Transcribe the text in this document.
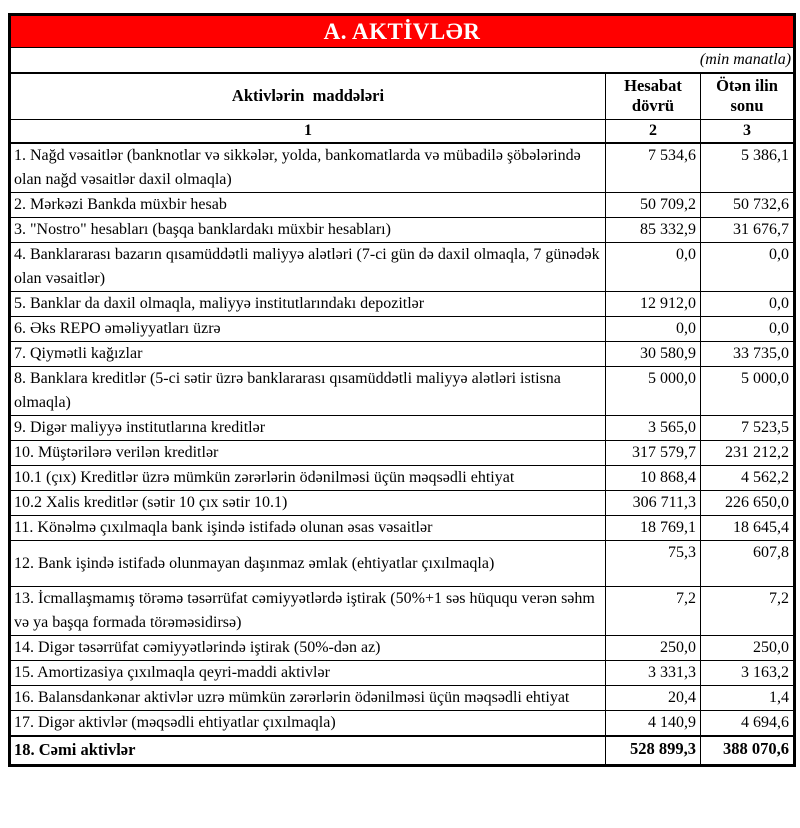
A. AKTİVLƏR		
(min manatla)		
Aktivlərin  maddələri	Hesabat dövrü	Ötən ilin sonu
1	2	3
1. Nağd vəsaitlər (banknotlar və sikkələr, yolda, bankomatlarda və mübadilə şöbələrində olan nağd vəsaitlər daxil olmaqla)	7 534,6	5 386,1
2. Mərkəzi Bankda müxbir hesab	50 709,2	50 732,6
3. "Nostro" hesabları (başqa banklardakı müxbir hesabları)	85 332,9	31 676,7
4. Banklararası bazarın qısamüddətli maliyyə alətləri (7-ci gün də daxil olmaqla, 7 günədək olan vəsaitlər)	0,0	0,0
5. Banklar da daxil olmaqla, maliyyə institutlarındakı depozitlər	12 912,0	0,0
6. Əks REPO əməliyyatları üzrə	0,0	0,0
7. Qiymətli kağızlar	30 580,9	33 735,0
8. Banklara kreditlər (5-ci sətir üzrə banklararası qısamüddətli maliyyə alətləri istisna olmaqla)	5 000,0	5 000,0
9. Digər maliyyə institutlarına kreditlər	3 565,0	7 523,5
10. Müştərilərə verilən kreditlər	317 579,7	231 212,2
10.1 (çıx) Kreditlər üzrə mümkün zərərlərin ödənilməsi üçün məqsədli ehtiyat	10 868,4	4 562,2
10.2 Xalis kreditlər (sətir 10 çıx sətir 10.1)	306 711,3	226 650,0
11. Könəlmə çıxılmaqla bank işində istifadə olunan əsas vəsaitlər	18 769,1	18 645,4
12. Bank işində istifadə olunmayan daşınmaz əmlak (ehtiyatlar çıxılmaqla)	75,3	607,8
13. İcmallaşmamış törəmə təsərrüfat cəmiyyətlərdə iştirak (50%+1 səs hüququ verən səhm və ya başqa formada törəməsidirsə)	7,2	7,2
14. Digər təsərrüfat cəmiyyətlərində iştirak (50%-dən az)	250,0	250,0
15. Amortizasiya çıxılmaqla qeyri-maddi aktivlər	3 331,3	3 163,2
16. Balansdankənar aktivlər uzrə mümkün zərərlərin ödənilməsi üçün məqsədli ehtiyat	20,4	1,4
17. Digər aktivlər (məqsədli ehtiyatlar çıxılmaqla)	4 140,9	4 694,6
18. Cəmi aktivlər	528 899,3	388 070,6
